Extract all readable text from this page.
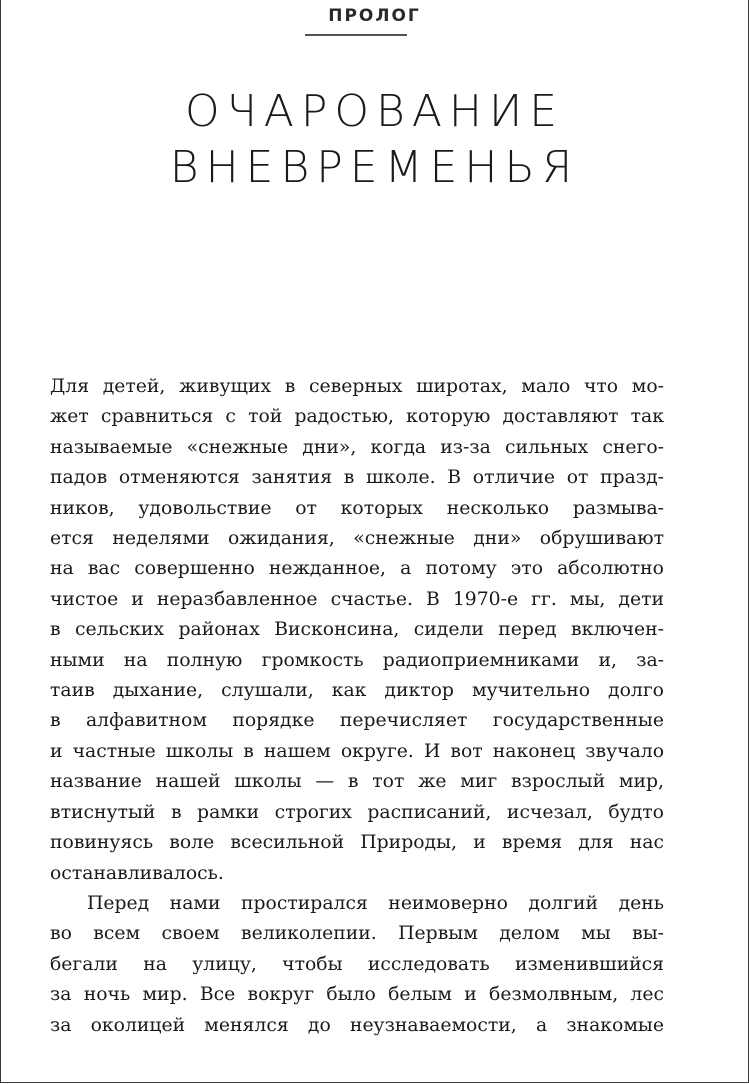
ПРОЛОГ
ОЧАРОВАНИЕ
ВНЕВРЕМЕНЬЯ
Для детей, живущих в северных широтах, мало что мо-
жет сравниться с той радостью, которую доставляют так
называемые «снежные дни», когда из-за сильных снего-
падов отменяются занятия в школе. В отличие от празд-
ников, удовольствие от которых несколько размыва-
ется неделями ожидания, «снежные дни» обрушивают
на вас совершенно нежданное, а потому это абсолютно
чистое и неразбавленное счастье. В 1970-е гг. мы, дети
в сельских районах Висконсина, сидели перед включен-
ными на полную громкость радиоприемниками и, за-
таив дыхание, слушали, как диктор мучительно долго
в алфавитном порядке перечисляет государственные
и частные школы в нашем округе. И вот наконец звучало
название нашей школы — в тот же миг взрослый мир,
втиснутый в рамки строгих расписаний, исчезал, будто
повинуясь воле всесильной Природы, и время для нас
останавливалось.
Перед нами простирался неимоверно долгий день
во всем своем великолепии. Первым делом мы вы-
бегали на улицу, чтобы исследовать изменившийся
за ночь мир. Все вокруг было белым и безмолвным, лес
за околицей менялся до неузнаваемости, а знакомые
